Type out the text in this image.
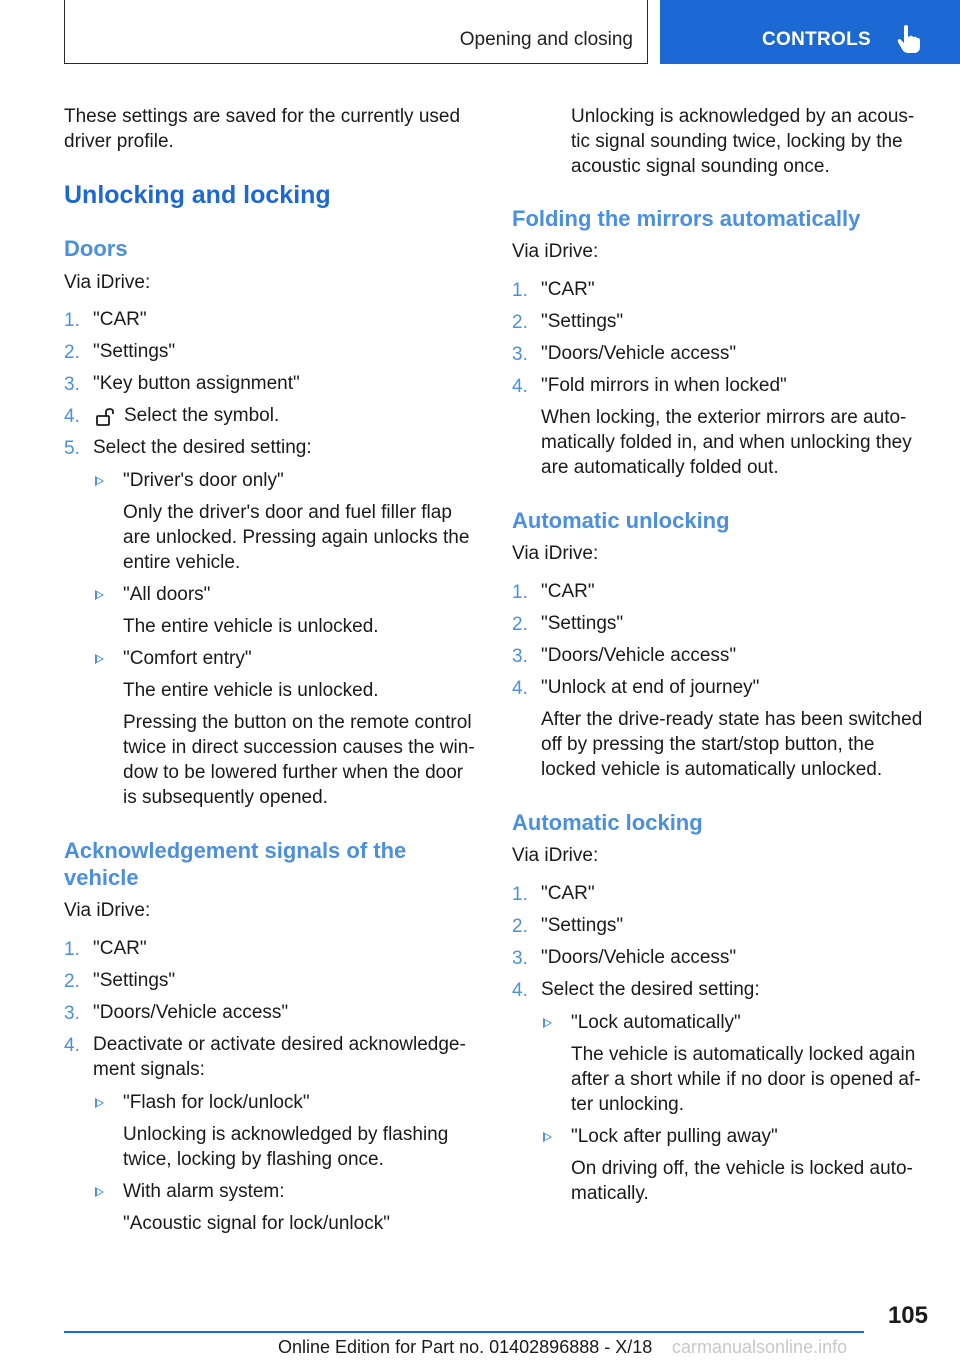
Opening and closing	CONTROLS
These settings are saved for the currently used
driver profile.
Unlocking and locking
Doors
Via iDrive:
1. "CAR"
2. "Settings"
3. "Key button assignment"
4. Select the symbol.
5. Select the desired setting:
"Driver's door only"
Only the driver's door and fuel filler flap
are unlocked. Pressing again unlocks the
entire vehicle.
"All doors"
The entire vehicle is unlocked.
"Comfort entry"
The entire vehicle is unlocked.
Pressing the button on the remote control
twice in direct succession causes the win-
dow to be lowered further when the door
is subsequently opened.
Acknowledgement signals of the
vehicle
Via iDrive:
1. "CAR"
2. "Settings"
3. "Doors/Vehicle access"
4. Deactivate or activate desired acknowledge-
ment signals:
"Flash for lock/unlock"
Unlocking is acknowledged by flashing
twice, locking by flashing once.
With alarm system:
"Acoustic signal for lock/unlock"
Unlocking is acknowledged by an acous-
tic signal sounding twice, locking by the
acoustic signal sounding once.
Folding the mirrors automatically
Via iDrive:
1. "CAR"
2. "Settings"
3. "Doors/Vehicle access"
4. "Fold mirrors in when locked"
When locking, the exterior mirrors are auto-
matically folded in, and when unlocking they
are automatically folded out.
Automatic unlocking
Via iDrive:
1. "CAR"
2. "Settings"
3. "Doors/Vehicle access"
4. "Unlock at end of journey"
After the drive-ready state has been switched
off by pressing the start/stop button, the
locked vehicle is automatically unlocked.
Automatic locking
Via iDrive:
1. "CAR"
2. "Settings"
3. "Doors/Vehicle access"
4. Select the desired setting:
"Lock automatically"
The vehicle is automatically locked again
after a short while if no door is opened af-
ter unlocking.
"Lock after pulling away"
On driving off, the vehicle is locked auto-
matically.
105
Online Edition for Part no. 01402896888 - X/18 carmanualsonline.info
